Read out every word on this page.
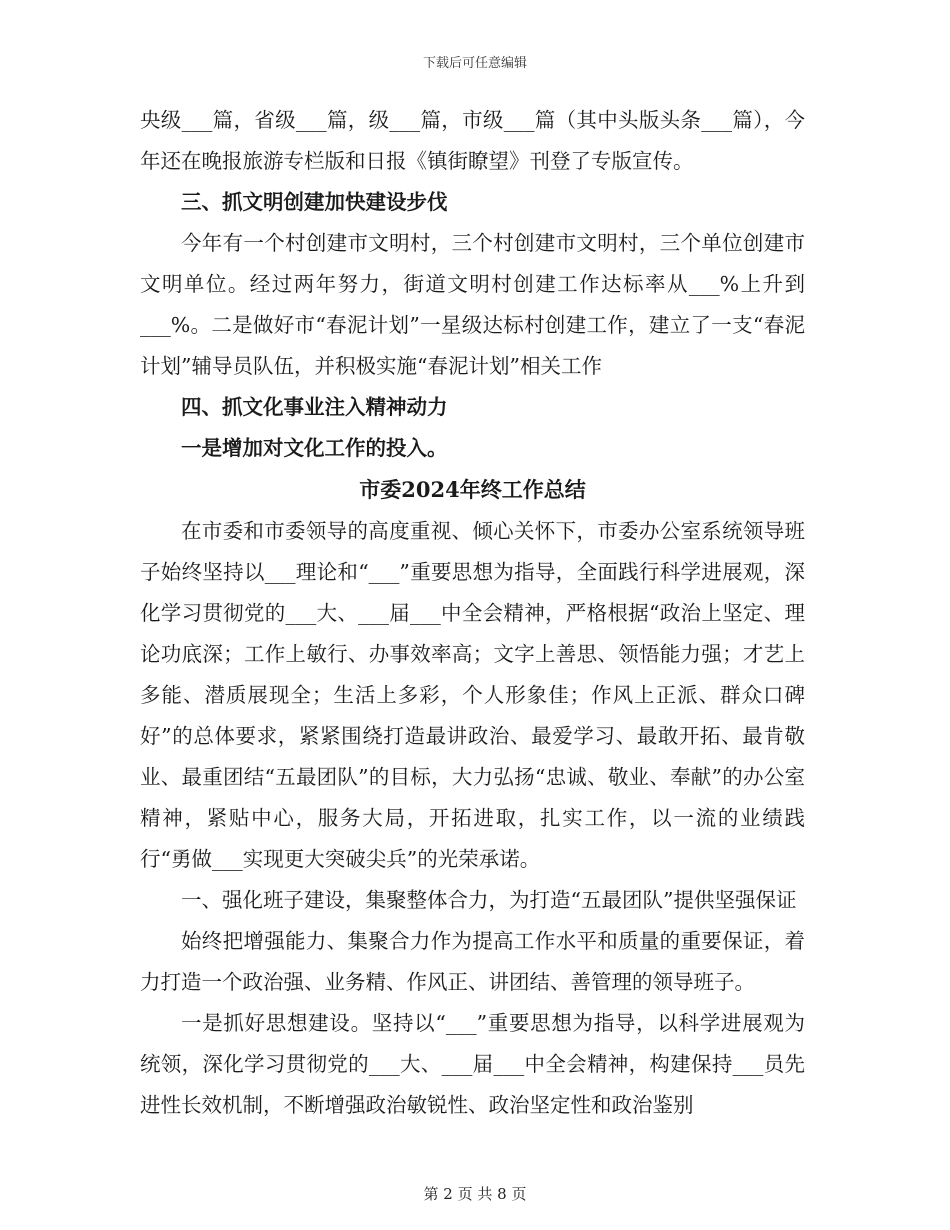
下载后可任意编辑

央级___篇，省级___篇，级___篇，市级___篇（其中头版头条___篇），今年还在晚报旅游专栏版和日报《镇街瞭望》刊登了专版宣传。

三、抓文明创建加快建设步伐

今年有一个村创建市文明村，三个村创建市文明村，三个单位创建市文明单位。经过两年努力，街道文明村创建工作达标率从___%上升到___%。二是做好市“春泥计划”一星级达标村创建工作，建立了一支“春泥计划”辅导员队伍，并积极实施“春泥计划”相关工作

四、抓文化事业注入精神动力

一是增加对文化工作的投入。

市委2024年终工作总结

在市委和市委领导的高度重视、倾心关怀下，市委办公室系统领导班子始终坚持以___理论和“___”重要思想为指导，全面践行科学进展观，深化学习贯彻党的___大、___届___中全会精神，严格根据“政治上坚定、理论功底深；工作上敏行、办事效率高；文字上善思、领悟能力强；才艺上多能、潜质展现全；生活上多彩，个人形象佳；作风上正派、群众口碑好”的总体要求，紧紧围绕打造最讲政治、最爱学习、最敢开拓、最肯敬业、最重团结“五最团队”的目标，大力弘扬“忠诚、敬业、奉献”的办公室精神，紧贴中心，服务大局，开拓进取，扎实工作，以一流的业绩践行“勇做___实现更大突破尖兵”的光荣承诺。

一、强化班子建设，集聚整体合力，为打造“五最团队”提供坚强保证

始终把增强能力、集聚合力作为提高工作水平和质量的重要保证，着力打造一个政治强、业务精、作风正、讲团结、善管理的领导班子。

一是抓好思想建设。坚持以“___”重要思想为指导，以科学进展观为统领，深化学习贯彻党的___大、___届___中全会精神，构建保持___员先进性长效机制，不断增强政治敏锐性、政治坚定性和政治鉴别

第 2 页 共 8 页
